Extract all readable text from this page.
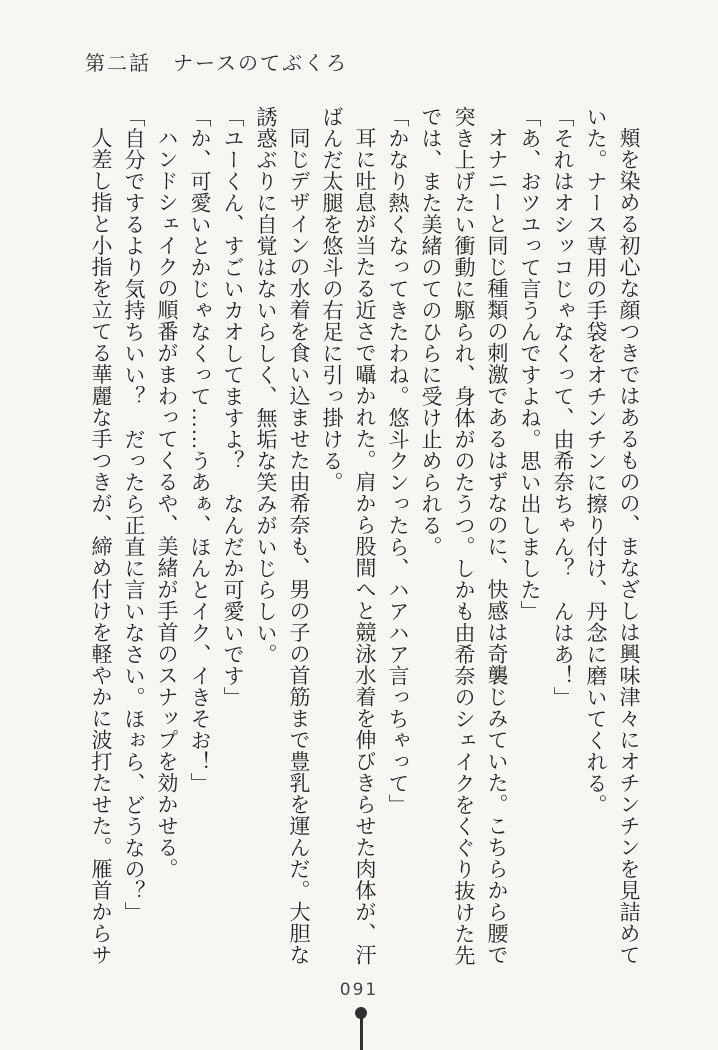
第二話　ナースのてぶくろ

頬を染める初心な顔つきではあるものの、まなざしは興味津々にオチンチンを見詰めて

いた。ナース専用の手袋をオチンチンに擦り付け、丹念に磨いてくれる。

「それはオシッコじゃなくって、由希奈ちゃん？　んはあ！」

「あ、おツユって言うんですよね。思い出しました」

オナニーと同じ種類の刺激であるはずなのに、快感は奇襲じみていた。こちらから腰で

突き上げたい衝動に駆られ、身体がのたうつ。しかも由希奈のシェイクをくぐり抜けた先

では、また美緒のてのひらに受け止められる。

「かなり熱くなってきたわね。悠斗クンったら、ハアハア言っちゃって」

耳に吐息が当たる近さで囁かれた。肩から股間へと競泳水着を伸びきらせた肉体が、汗

ばんだ太腿を悠斗の右足に引っ掛ける。

同じデザインの水着を食い込ませた由希奈も、男の子の首筋まで豊乳を運んだ。大胆な

誘惑ぶりに自覚はないらしく、無垢な笑みがいじらしい。

「ユーくん、すごいカオしてますよ？　なんだか可愛いです」

「か、可愛いとかじゃなくって……うあぁ、ほんとイク、イきそお！」

ハンドシェイクの順番がまわってくるや、美緒が手首のスナップを効かせる。

「自分でするより気持ちいい？　だったら正直に言いなさい。ほぉら、どうなの？」

人差し指と小指を立てる華麗な手つきが、締め付けを軽やかに波打たせた。雁首からサ

091
